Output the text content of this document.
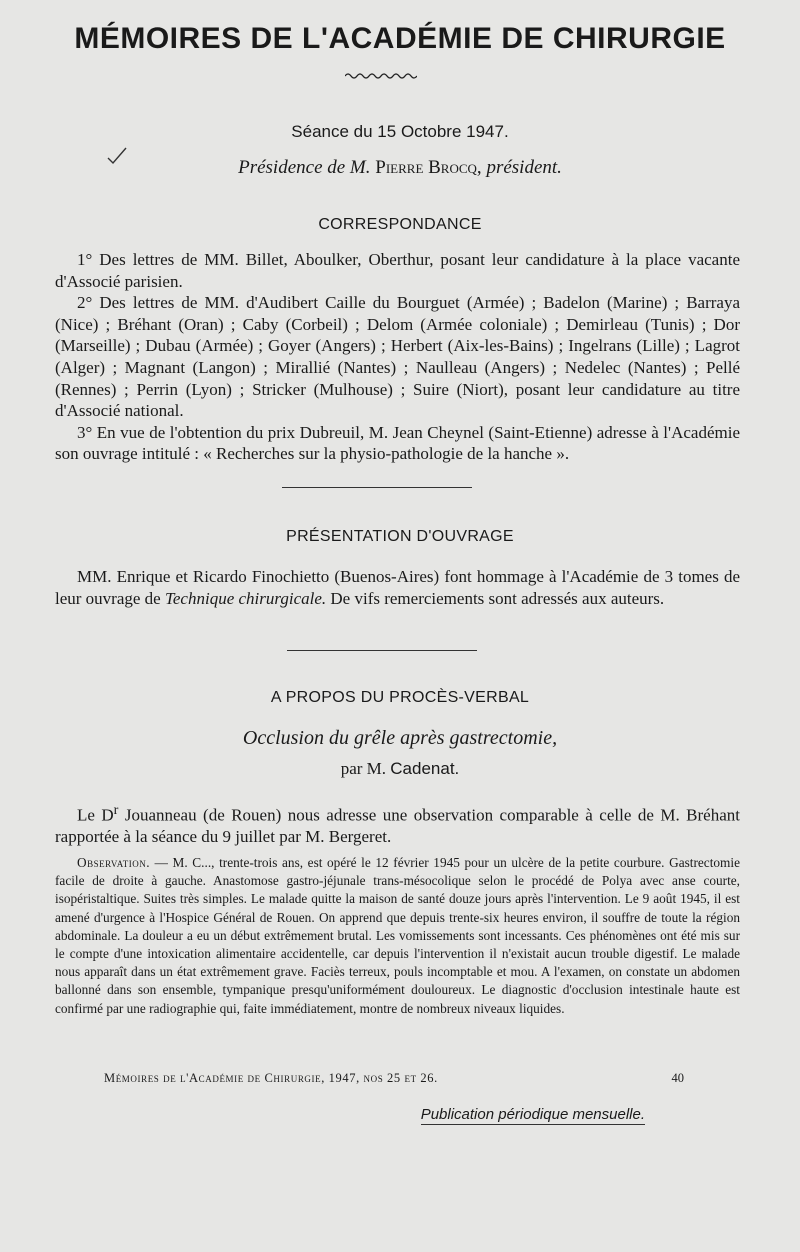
MÉMOIRES DE L'ACADÉMIE DE CHIRURGIE
Séance du 15 Octobre 1947.
Présidence de M. Pierre Brocq, président.
CORRESPONDANCE

1° Des lettres de MM. Billet, Aboulker, Oberthur, posant leur candidature à la place vacante d'Associé parisien.

2° Des lettres de MM. d'Audibert Caille du Bourguet (Armée) ; Badelon (Marine) ; Barraya (Nice) ; Bréhant (Oran) ; Caby (Corbeil) ; Delom (Armée coloniale) ; Demirleau (Tunis) ; Dor (Marseille) ; Dubau (Armée) ; Goyer (Angers) ; Herbert (Aix-les-Bains) ; Ingelrans (Lille) ; Lagrot (Alger) ; Magnant (Langon) ; Mirallié (Nantes) ; Naulleau (Angers) ; Nedelec (Nantes) ; Pellé (Rennes) ; Perrin (Lyon) ; Stricker (Mulhouse) ; Suire (Niort), posant leur candidature au titre d'Associé national.

3° En vue de l'obtention du prix Dubreuil, M. Jean Cheynel (Saint-Etienne) adresse à l'Académie son ouvrage intitulé : « Recherches sur la physio-pathologie de la hanche ».

PRÉSENTATION D'OUVRAGE

MM. Enrique et Ricardo Finochietto (Buenos-Aires) font hommage à l'Académie de 3 tomes de leur ouvrage de Technique chirurgicale. De vifs remerciements sont adressés aux auteurs.

A PROPOS DU PROCÈS-VERBAL
Occlusion du grêle après gastrectomie,
par M. Cadenat.

Le $D^r$ Jouanneau (de Rouen) nous adresse une observation comparable à celle de M. Bréhant rapportée à la séance du 9 juillet par M. Bergeret.

Observation. — M. C..., trente-trois ans, est opéré le 12 février 1945 pour un ulcère de la petite courbure. Gastrectomie facile de droite à gauche. Anastomose gastro-jéjunale trans-mésocolique selon le procédé de Polya avec anse courte, isopéristaltique. Suites très simples. Le malade quitte la maison de santé douze jours après l'intervention. Le 9 août 1945, il est amené d'urgence à l'Hospice Général de Rouen. On apprend que depuis trente-six heures environ, il souffre de toute la région abdominale. La douleur a eu un début extrêmement brutal. Les vomissements sont incessants. Ces phénomènes ont été mis sur le compte d'une intoxication alimentaire accidentelle, car depuis l'intervention il n'existait aucun trouble digestif. Le malade nous apparaît dans un état extrêmement grave. Faciès terreux, pouls incomptable et mou. A l'examen, on constate un abdomen ballonné dans son ensemble, tympanique presqu'uniformément douloureux. Le diagnostic d'occlusion intestinale haute est confirmé par une radiographie qui, faite immédiatement, montre de nombreux niveaux liquides.

Mémoires de l'Académie de Chirurgie, 1947, nos 25 et 26.	40
Publication périodique mensuelle.
